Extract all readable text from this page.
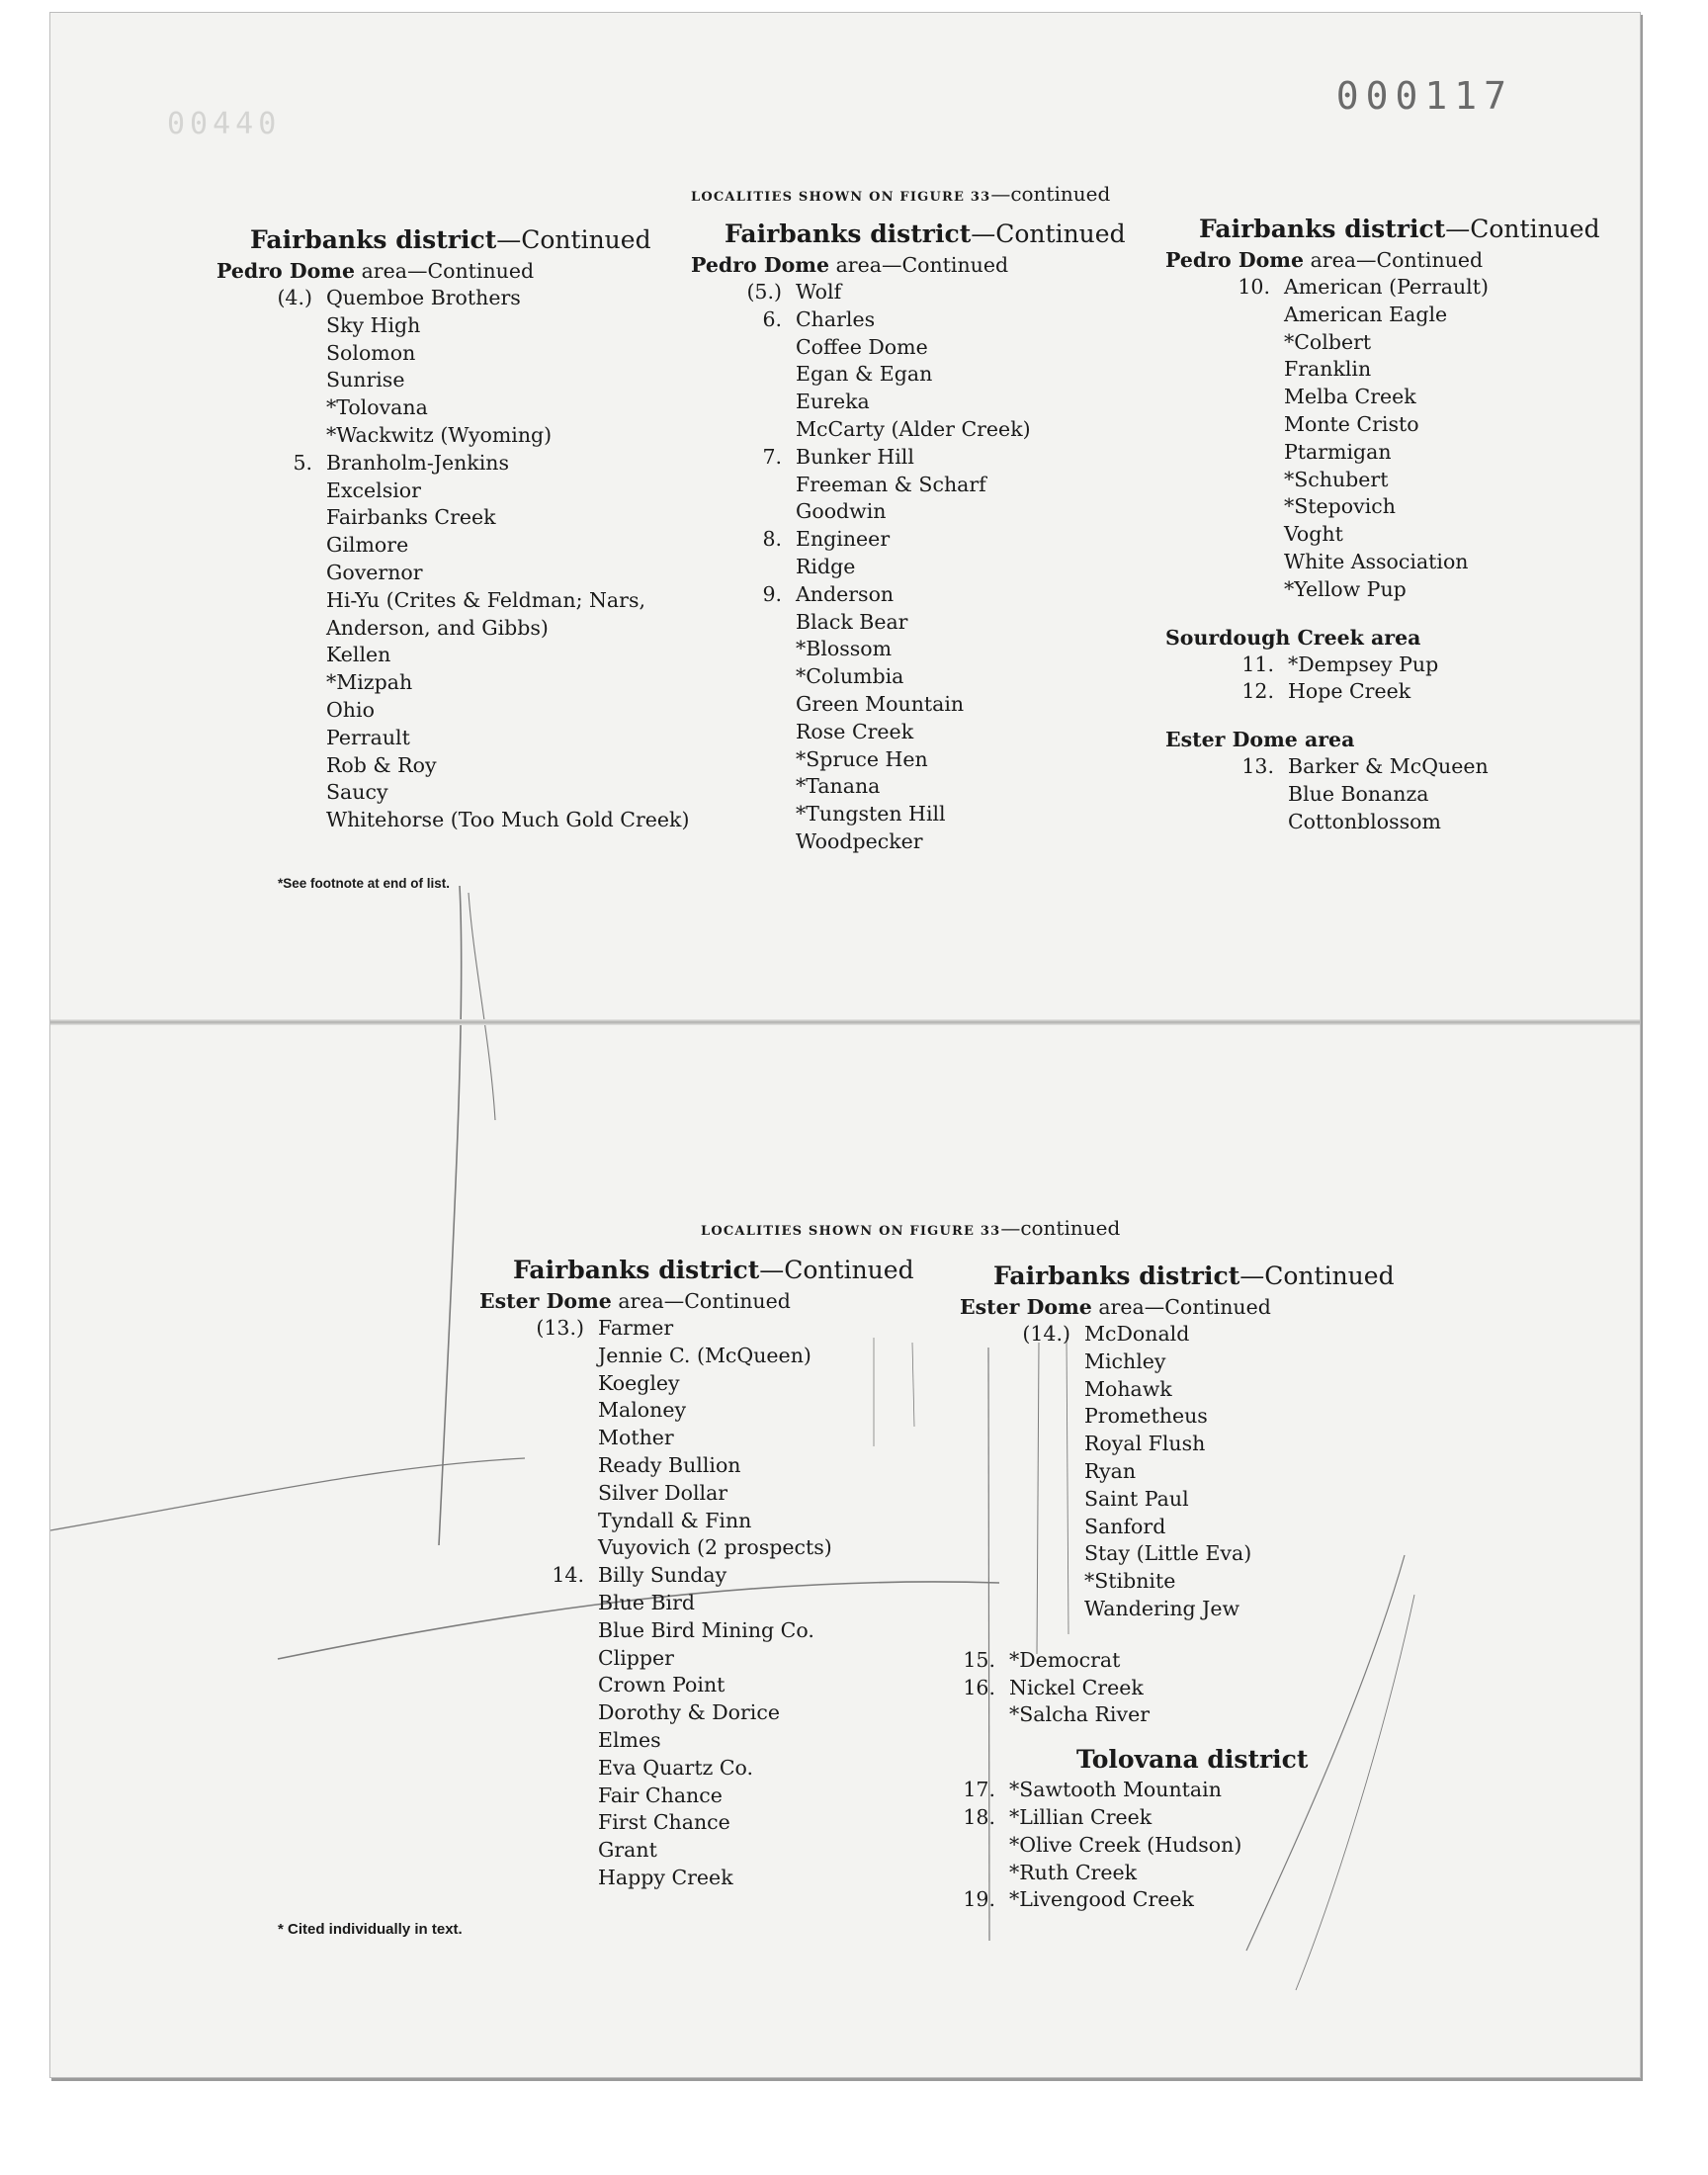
00440
000117
LOCALITIES SHOWN ON FIGURE 33—continued
Fairbanks district—Continued
Pedro Dome area—Continued
(4.) Quemboe Brothers
Sky High
Solomon
Sunrise
*Tolovana
*Wackwitz (Wyoming)
5. Branholm-Jenkins
Excelsior
Fairbanks Creek
Gilmore
Governor
Hi-Yu (Crites & Feldman; Nars, Anderson, and Gibbs)
Kellen
*Mizpah
Ohio
Perrault
Rob & Roy
Saucy
Whitehorse (Too Much Gold Creek)
*See footnote at end of list.
Fairbanks district—Continued
Pedro Dome area—Continued
(5.) Wolf
6. Charles
Coffee Dome
Egan & Egan
Eureka
McCarty (Alder Creek)
7. Bunker Hill
Freeman & Scharf
Goodwin
8. Engineer
Ridge
9. Anderson
Black Bear
*Blossom
*Columbia
Green Mountain
Rose Creek
*Spruce Hen
*Tanana
*Tungsten Hill
Woodpecker
Fairbanks district—Continued
Pedro Dome area—Continued
10. American (Perrault)
American Eagle
*Colbert
Franklin
Melba Creek
Monte Cristo
Ptarmigan
*Schubert
*Stepovich
Voght
White Association
*Yellow Pup
Sourdough Creek area
11. *Dempsey Pup
12. Hope Creek
Ester Dome area
13. Barker & McQueen
Blue Bonanza
Cottonblossom
LOCALITIES SHOWN ON FIGURE 33—continued
Fairbanks district—Continued
Ester Dome area—Continued
(13.) Farmer
Jennie C. (McQueen)
Koegley
Maloney
Mother
Ready Bullion
Silver Dollar
Tyndall & Finn
Vuyovich (2 prospects)
14. Billy Sunday
Blue Bird
Blue Bird Mining Co.
Clipper
Crown Point
Dorothy & Dorice
Elmes
Eva Quartz Co.
Fair Chance
First Chance
Grant
Happy Creek
* Cited individually in text.
Fairbanks district—Continued
Ester Dome area—Continued
(14.) McDonald
Michley
Mohawk
Prometheus
Royal Flush
Ryan
Saint Paul
Sanford
Stay (Little Eva)
*Stibnite
Wandering Jew
15. *Democrat
16. Nickel Creek
*Salcha River
Tolovana district
17. *Sawtooth Mountain
18. *Lillian Creek
*Olive Creek (Hudson)
*Ruth Creek
19. *Livengood Creek
